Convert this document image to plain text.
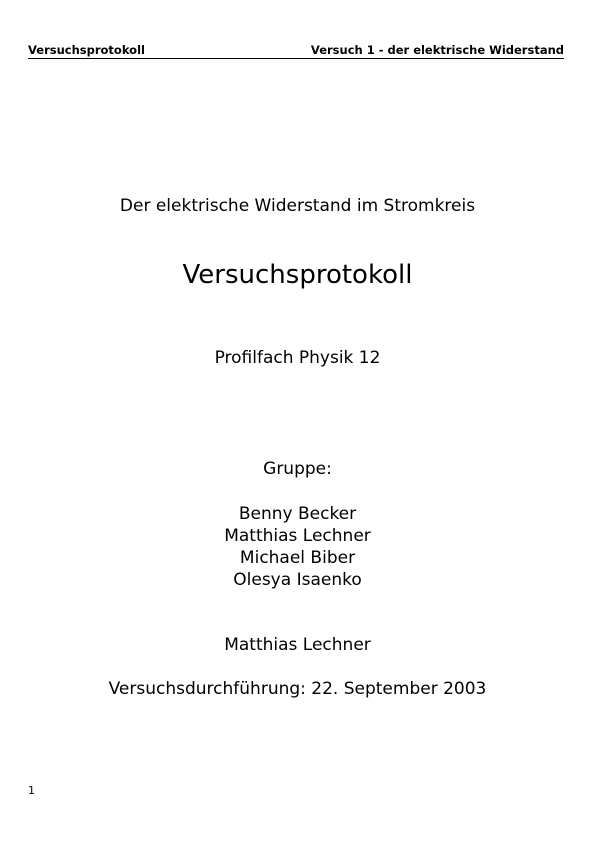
Versuchsprotokoll	Versuch 1 - der elektrische Widerstand
Der elektrische Widerstand im Stromkreis
Versuchsprotokoll
Profilfach Physik 12
Gruppe:
Benny Becker
Matthias Lechner
Michael Biber
Olesya Isaenko
Matthias Lechner
Versuchsdurchführung: 22. September 2003
1
